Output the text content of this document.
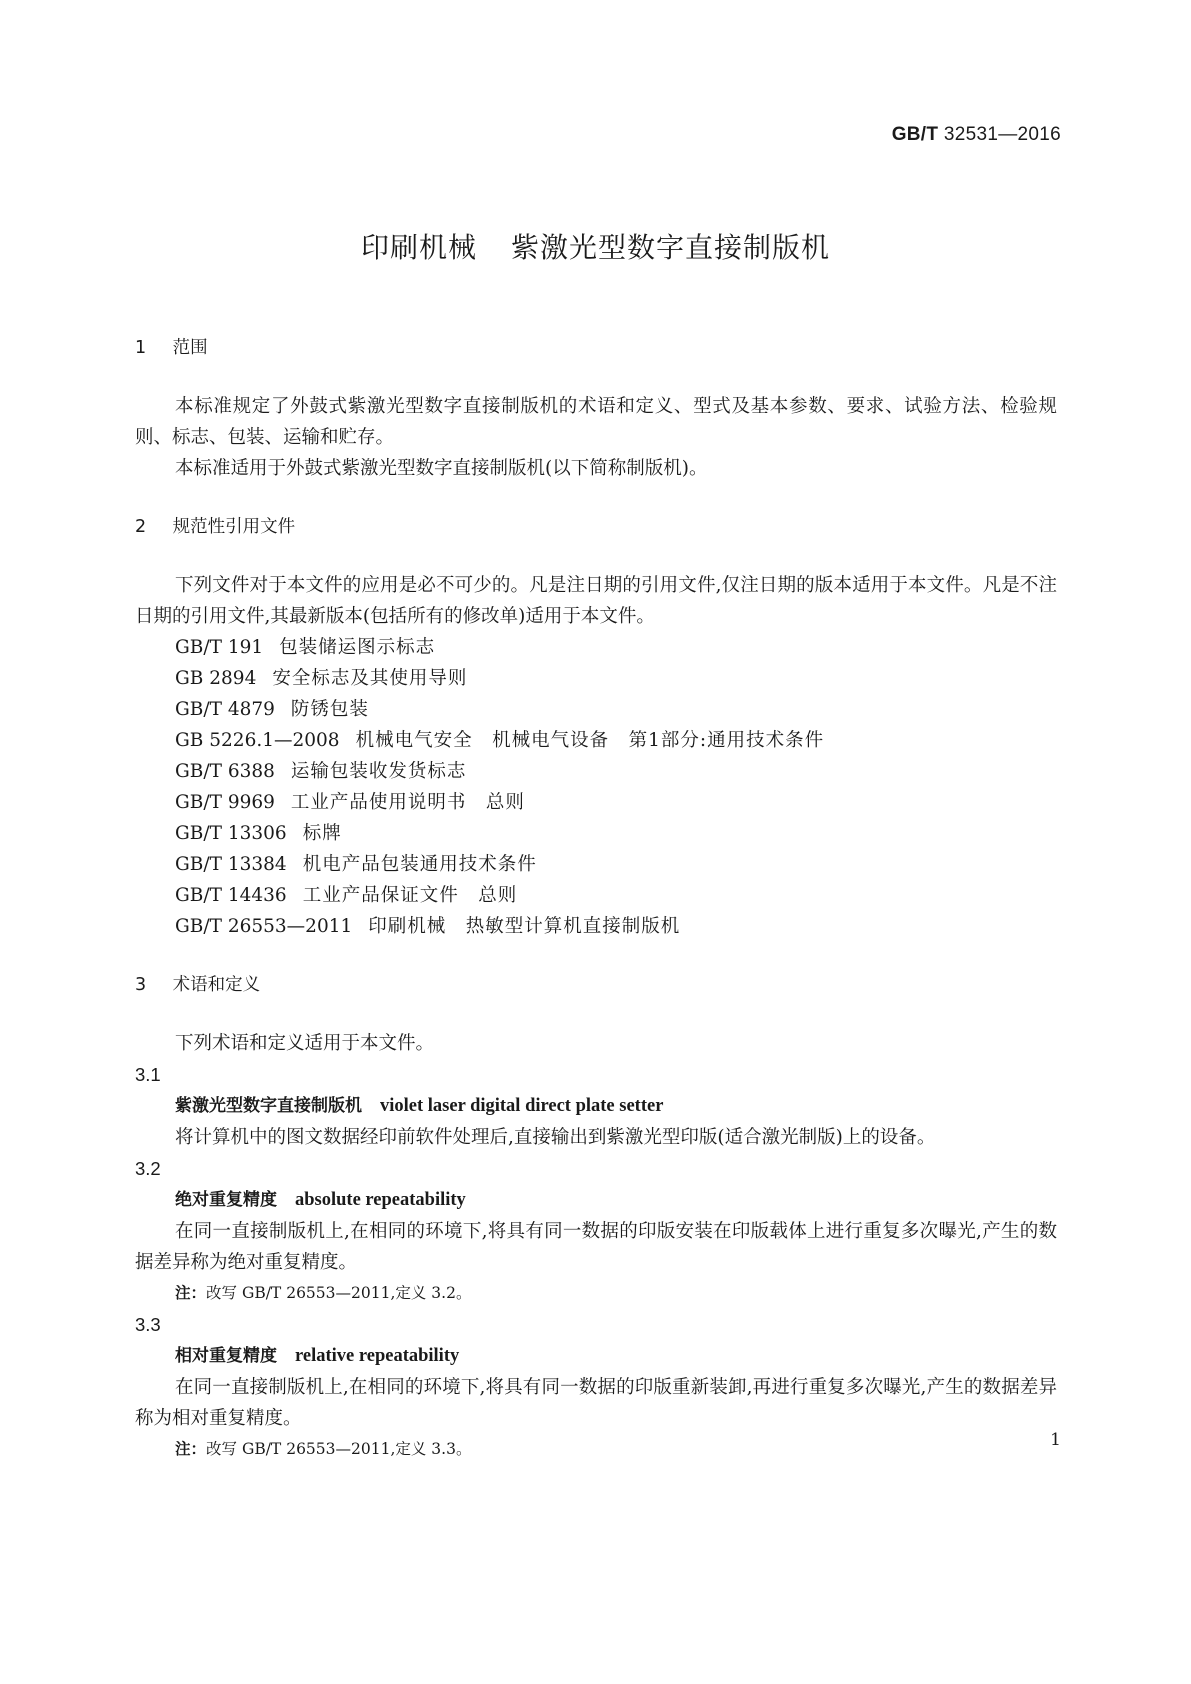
GB/T 32531—2016
印刷机械 紫激光型数字直接制版机
1 范围
本标准规定了外鼓式紫激光型数字直接制版机的术语和定义、型式及基本参数、要求、试验方法、检验规则、标志、包装、运输和贮存。
本标准适用于外鼓式紫激光型数字直接制版机(以下简称制版机)。
2 规范性引用文件
下列文件对于本文件的应用是必不可少的。凡是注日期的引用文件,仅注日期的版本适用于本文件。凡是不注日期的引用文件,其最新版本(包括所有的修改单)适用于本文件。
GB/T 191 包装储运图示标志
GB 2894 安全标志及其使用导则
GB/T 4879 防锈包装
GB 5226.1—2008 机械电气安全　机械电气设备　第1部分:通用技术条件
GB/T 6388 运输包装收发货标志
GB/T 9969 工业产品使用说明书　总则
GB/T 13306 标牌
GB/T 13384 机电产品包装通用技术条件
GB/T 14436 工业产品保证文件　总则
GB/T 26553—2011 印刷机械　热敏型计算机直接制版机
3 术语和定义
下列术语和定义适用于本文件。
3.1
紫激光型数字直接制版机 violet laser digital direct plate setter
将计算机中的图文数据经印前软件处理后,直接输出到紫激光型印版(适合激光制版)上的设备。
3.2
绝对重复精度 absolute repeatability
在同一直接制版机上,在相同的环境下,将具有同一数据的印版安装在印版载体上进行重复多次曝光,产生的数据差异称为绝对重复精度。
注：改写 GB/T 26553—2011,定义 3.2。
3.3
相对重复精度 relative repeatability
在同一直接制版机上,在相同的环境下,将具有同一数据的印版重新装卸,再进行重复多次曝光,产生的数据差异称为相对重复精度。
注：改写 GB/T 26553—2011,定义 3.3。	1
